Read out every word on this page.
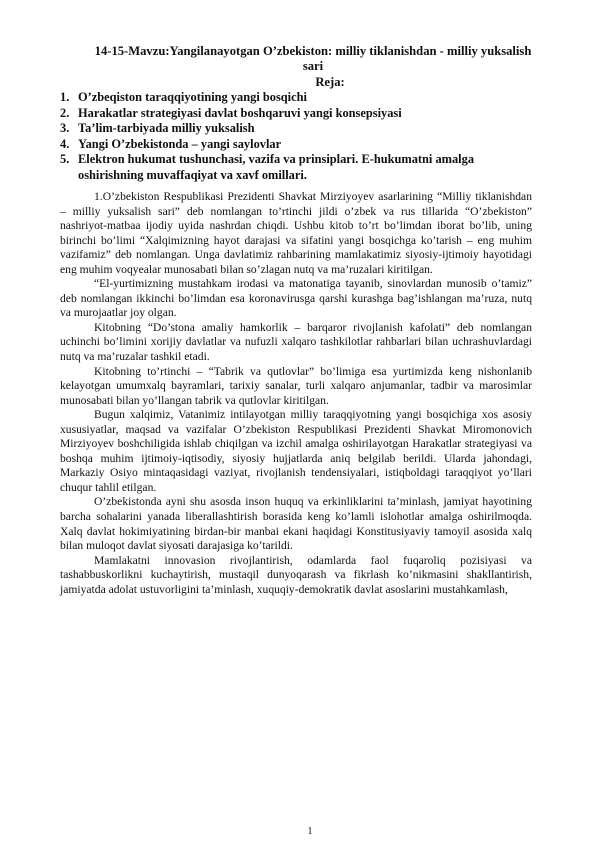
14-15-Mavzu:Yangilanayotgan O’zbekiston: milliy tiklanishdan - milliy yuksalish sari
Reja:
1. O’zbeqiston taraqqiyotining yangi bosqichi
2. Harakatlar strategiyasi davlat boshqaruvi yangi konsepsiyasi
3. Ta’lim-tarbiyada milliy yuksalish
4. Yangi O’zbekistonda – yangi saylovlar
5. Elektron hukumat tushunchasi, vazifa va prinsiplari. E-hukumatni amalga oshirishning muvaffaqiyat va xavf omillari.

1.O’zbekiston Respublikasi Prezidenti Shavkat Mirziyoyev asarlarining “Milliy tiklanishdan – milliy yuksalish sari” deb nomlangan to’rtinchi jildi o’zbek va rus tillarida “O’zbekiston” nashriyot-matbaa ijodiy uyida nashrdan chiqdi. Ushbu kitob to’rt bo’limdan iborat bo’lib, uning birinchi bo’limi “Xalqimizning hayot darajasi va sifatini yangi bosqichga ko’tarish – eng muhim vazifamiz” deb nomlangan. Unga davlatimiz rahbarining mamlakatimiz siyosiy-ijtimoiy hayotidagi eng muhim voqyealar munosabati bilan so’zlagan nutq va ma’ruzalari kiritilgan.

“El-yurtimizning mustahkam irodasi va matonatiga tayanib, sinovlardan munosib o’tamiz” deb nomlangan ikkinchi bo’limdan esa koronavirusga qarshi kurashga bag’ishlangan ma’ruza, nutq va murojaatlar joy olgan.

Kitobning “Do’stona amaliy hamkorlik – barqaror rivojlanish kafolati” deb nomlangan uchinchi bo’limini xorijiy davlatlar va nufuzli xalqaro tashkilotlar rahbarlari bilan uchrashuvlardagi nutq va ma’ruzalar tashkil etadi.

Kitobning to’rtinchi – “Tabrik va qutlovlar” bo’limiga esa yurtimizda keng nishonlanib kelayotgan umumxalq bayramlari, tarixiy sanalar, turli xalqaro anjumanlar, tadbir va marosimlar munosabati bilan yo’llangan tabrik va qutlovlar kiritilgan.

Bugun xalqimiz, Vatanimiz intilayotgan milliy taraqqiyotning yangi bosqichiga xos asosiy xususiyatlar, maqsad va vazifalar O’zbekiston Respublikasi Prezidenti Shavkat Miromonovich Mirziyoyev boshchiligida ishlab chiqilgan va izchil amalga oshirilayotgan Harakatlar strategiyasi va boshqa muhim ijtimoiy-iqtisodiy, siyosiy hujjatlarda aniq belgilab berildi. Ularda jahondagi, Markaziy Osiyo mintaqasidagi vaziyat, rivojlanish tendensiyalari, istiqboldagi taraqqiyot yo’llari chuqur tahlil etilgan.

O’zbekistonda ayni shu asosda inson huquq va erkinliklarini ta’minlash, jamiyat hayotining barcha sohalarini yanada liberallashtirish borasida keng ko’lamli islohotlar amalga oshirilmoqda. Xalq davlat hokimiyatining birdan-bir manbai ekani haqidagi Konstitusiyaviy tamoyil asosida xalq bilan muloqot davlat siyosati darajasiga ko’tarildi.

Mamlakatni innovasion rivojlantirish, odamlarda faol fuqaroliq pozisiyasi va tashabbuskorlikni kuchaytirish, mustaqil dunyoqarash va fikrlash ko’nikmasini shakllantirish, jamiyatda adolat ustuvorligini ta’minlash, xuquqiy-demokratik davlat asoslarini mustahkamlash,

1
